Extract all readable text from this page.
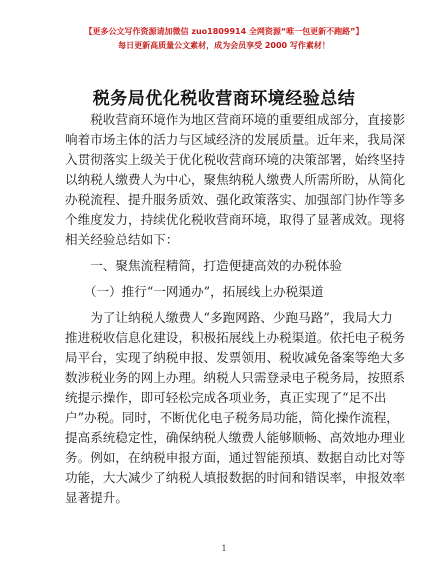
【更多公文写作资源请加微信 zuo1809914 全网资源“唯一包更新不跑路”】
每日更新高质量公文素材，成为会员享受 2000 写作素材！
税务局优化税收营商环境经验总结
　　税收营商环境作为地区营商环境的重要组成部分，直接影
响着市场主体的活力与区域经济的发展质量。近年来，我局深
入贯彻落实上级关于优化税收营商环境的决策部署，始终坚持
以纳税人缴费人为中心，聚焦纳税人缴费人所需所盼，从简化
办税流程、提升服务质效、强化政策落实、加强部门协作等多
个维度发力，持续优化税收营商环境，取得了显著成效。现将
相关经验总结如下：
　　一、聚焦流程精简，打造便捷高效的办税体验
　　（一）推行“一网通办”，拓展线上办税渠道
　　为了让纳税人缴费人“多跑网路、少跑马路”，我局大力
推进税收信息化建设，积极拓展线上办税渠道。依托电子税务
局平台，实现了纳税申报、发票领用、税收减免备案等绝大多
数涉税业务的网上办理。纳税人只需登录电子税务局，按照系
统提示操作，即可轻松完成各项业务，真正实现了“足不出
户”办税。同时，不断优化电子税务局功能，简化操作流程，
提高系统稳定性，确保纳税人缴费人能够顺畅、高效地办理业
务。例如，在纳税申报方面，通过智能预填、数据自动比对等
功能，大大减少了纳税人填报数据的时间和错误率，申报效率
显著提升。
1
